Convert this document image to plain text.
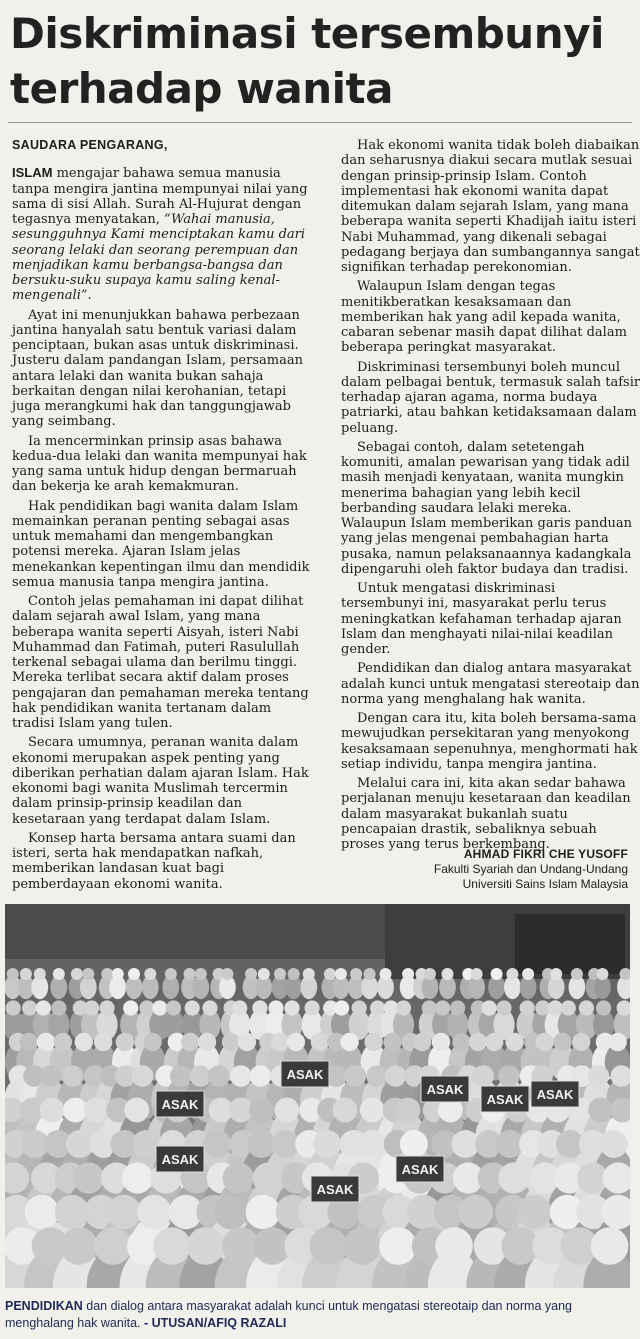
Diskriminasi tersembunyi
terhadap wanita
SAUDARA PENGARANG,

ISLAM mengajar bahawa semua manusia tanpa mengira jantina mempunyai nilai yang sama di sisi Allah. Surah Al-Hujurat dengan tegasnya menyatakan, “Wahai manusia, sesungguhnya Kami menciptakan kamu dari seorang lelaki dan seorang perempuan dan menjadikan kamu berbangsa-bangsa dan bersuku-suku supaya kamu saling kenal-mengenali”.

Ayat ini menunjukkan bahawa perbezaan jantina hanyalah satu bentuk variasi dalam penciptaan, bukan asas untuk diskriminasi. Justeru dalam pandangan Islam, persamaan antara lelaki dan wanita bukan sahaja berkaitan dengan nilai kerohanian, tetapi juga merangkumi hak dan tanggungjawab yang seimbang.

Ia mencerminkan prinsip asas bahawa kedua-dua lelaki dan wanita mempunyai hak yang sama untuk hidup dengan bermaruah dan bekerja ke arah kemakmuran.

Hak pendidikan bagi wanita dalam Islam memainkan peranan penting sebagai asas untuk memahami dan mengembangkan potensi mereka. Ajaran Islam jelas menekankan kepentingan ilmu dan mendidik semua manusia tanpa mengira jantina.

Contoh jelas pemahaman ini dapat dilihat dalam sejarah awal Islam, yang mana beberapa wanita seperti Aisyah, isteri Nabi Muhammad dan Fatimah, puteri Rasulullah terkenal sebagai ulama dan berilmu tinggi. Mereka terlibat secara aktif dalam proses pengajaran dan pemahaman mereka tentang hak pendidikan wanita tertanam dalam tradisi Islam yang tulen.

Secara umumnya, peranan wanita dalam ekonomi merupakan aspek penting yang diberikan perhatian dalam ajaran Islam. Hak ekonomi bagi wanita Muslimah tercermin dalam prinsip-prinsip keadilan dan kesetaraan yang terdapat dalam Islam.

Konsep harta bersama antara suami dan isteri, serta hak mendapatkan nafkah, memberikan landasan kuat bagi pemberdayaan ekonomi wanita.

Hak ekonomi wanita tidak boleh diabaikan dan seharusnya diakui secara mutlak sesuai dengan prinsip-prinsip Islam. Contoh implementasi hak ekonomi wanita dapat ditemukan dalam sejarah Islam, yang mana beberapa wanita seperti Khadijah iaitu isteri Nabi Muhammad, yang dikenali sebagai pedagang berjaya dan sumbangannya sangat signifikan terhadap perekonomian.

Walaupun Islam dengan tegas menitikberatkan kesaksamaan dan memberikan hak yang adil kepada wanita, cabaran sebenar masih dapat dilihat dalam beberapa peringkat masyarakat.

Diskriminasi tersembunyi boleh muncul dalam pelbagai bentuk, termasuk salah tafsir terhadap ajaran agama, norma budaya patriarki, atau bahkan ketidaksamaan dalam peluang.

Sebagai contoh, dalam setetengah komuniti, amalan pewarisan yang tidak adil masih menjadi kenyataan, wanita mungkin menerima bahagian yang lebih kecil berbanding saudara lelaki mereka. Walaupun Islam memberikan garis panduan yang jelas mengenai pembahagian harta pusaka, namun pelaksanaannya kadangkala dipengaruhi oleh faktor budaya dan tradisi.

Untuk mengatasi diskriminasi tersembunyi ini, masyarakat perlu terus meningkatkan kefahaman terhadap ajaran Islam dan menghayati nilai-nilai keadilan gender.

Pendidikan dan dialog antara masyarakat adalah kunci untuk mengatasi stereotaip dan norma yang menghalang hak wanita.

Dengan cara itu, kita boleh bersama-sama mewujudkan persekitaran yang menyokong kesaksamaan sepenuhnya, menghormati hak setiap individu, tanpa mengira jantina.

Melalui cara ini, kita akan sedar bahawa perjalanan menuju kesetaraan dan keadilan dalam masyarakat bukanlah suatu pencapaian drastik, sebaliknya sebuah proses yang terus berkembang.

AHMAD FIKRI CHE YUSOFF
Fakulti Syariah dan Undang-Undang
Universiti Sains Islam Malaysia
ASAK
ASAK
ASAK
ASAK ASAK
ASAK
ASAK
ASAK
PENDIDIKAN dan dialog antara masyarakat adalah kunci untuk mengatasi stereotaip dan norma yang menghalang hak wanita. - UTUSAN/AFIQ RAZALI
